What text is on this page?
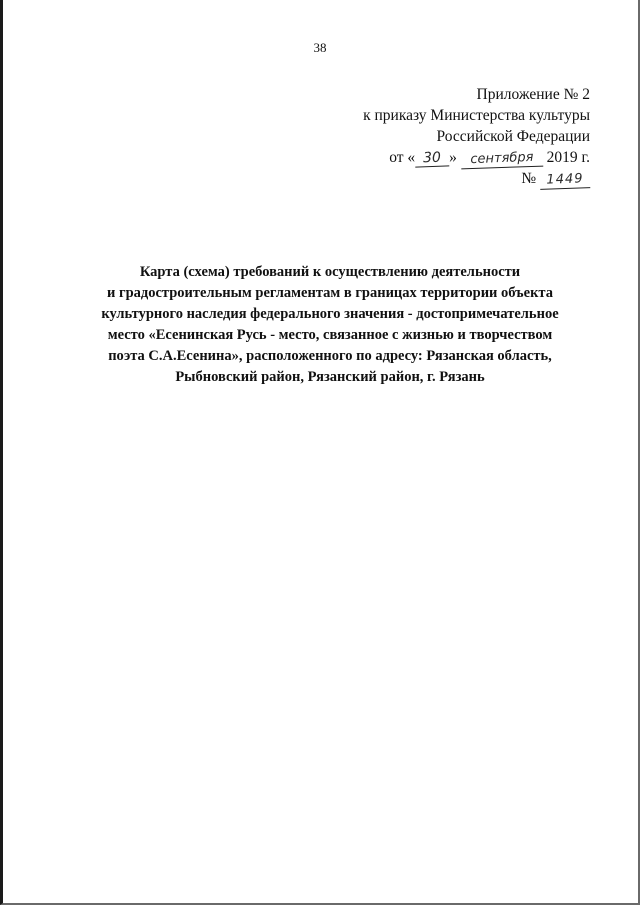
38
Приложение № 2
к приказу Министерства культуры
Российской Федерации
от « 30 » сентября 2019 г.
№ 1449
Карта (схема) требований к осуществлению деятельности
и градостроительным регламентам в границах территории объекта
культурного наследия федерального значения - достопримечательное
место «Есенинская Русь - место, связанное с жизнью и творчеством
поэта С.А.Есенина», расположенного по адресу: Рязанская область,
Рыбновский район, Рязанский район, г. Рязань
